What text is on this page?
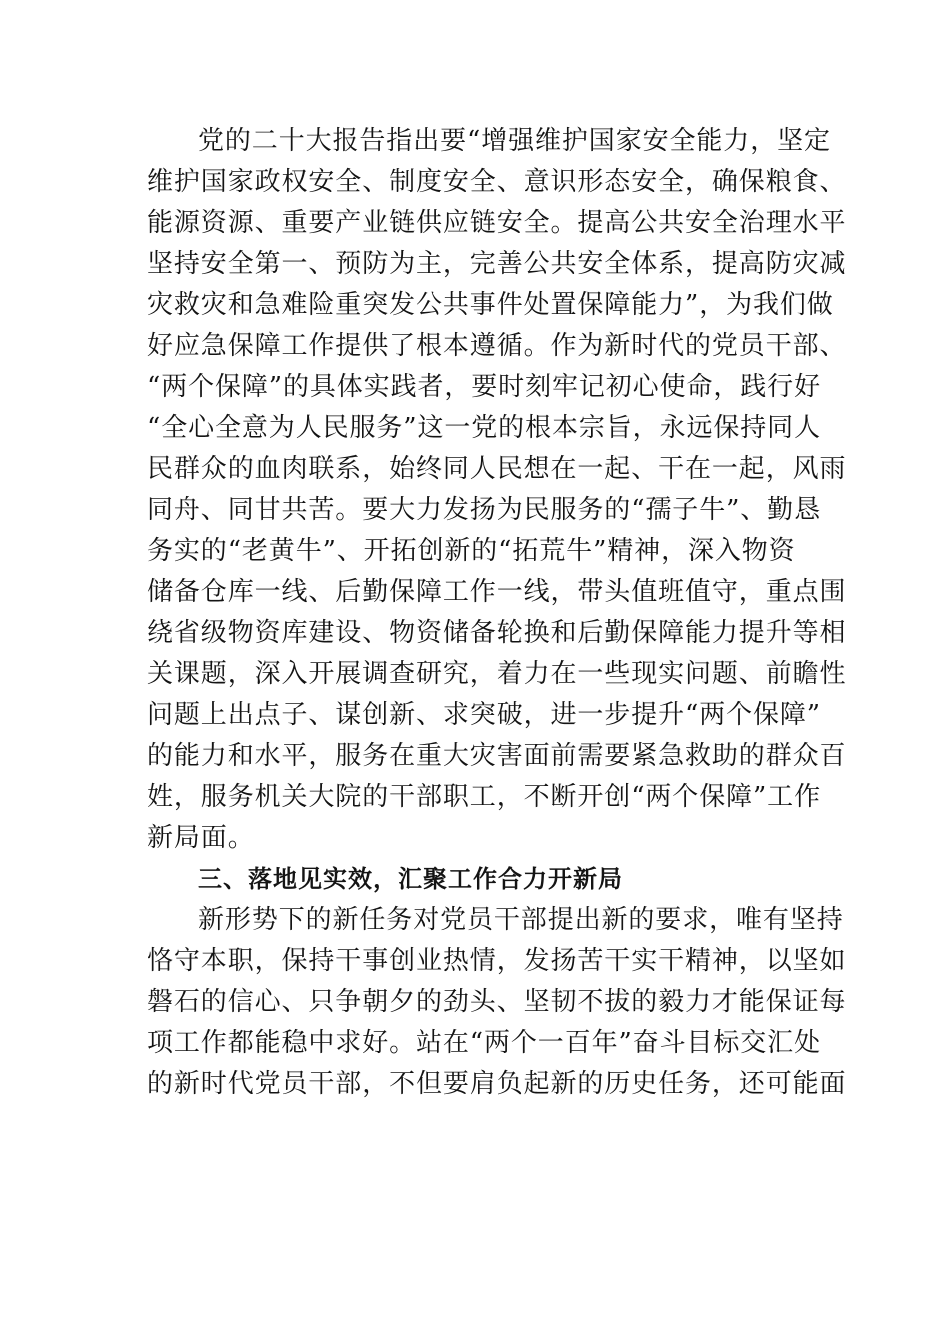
党的二十大报告指出要“增强维护国家安全能力，坚定
维护国家政权安全、制度安全、意识形态安全，确保粮食、
能源资源、重要产业链供应链安全。提高公共安全治理水平
坚持安全第一、预防为主，完善公共安全体系，提高防灾减
灾救灾和急难险重突发公共事件处置保障能力”，为我们做
好应急保障工作提供了根本遵循。作为新时代的党员干部、
“两个保障”的具体实践者，要时刻牢记初心使命，践行好
“全心全意为人民服务”这一党的根本宗旨，永远保持同人
民群众的血肉联系，始终同人民想在一起、干在一起，风雨
同舟、同甘共苦。要大力发扬为民服务的“孺子牛”、勤恳
务实的“老黄牛”、开拓创新的“拓荒牛”精神，深入物资
储备仓库一线、后勤保障工作一线，带头值班值守，重点围
绕省级物资库建设、物资储备轮换和后勤保障能力提升等相
关课题，深入开展调查研究，着力在一些现实问题、前瞻性
问题上出点子、谋创新、求突破，进一步提升“两个保障”
的能力和水平，服务在重大灾害面前需要紧急救助的群众百
姓，服务机关大院的干部职工，不断开创“两个保障”工作
新局面。
三、落地见实效，汇聚工作合力开新局
新形势下的新任务对党员干部提出新的要求，唯有坚持
恪守本职，保持干事创业热情，发扬苦干实干精神，以坚如
磐石的信心、只争朝夕的劲头、坚韧不拔的毅力才能保证每
项工作都能稳中求好。站在“两个一百年”奋斗目标交汇处
的新时代党员干部，不但要肩负起新的历史任务，还可能面
